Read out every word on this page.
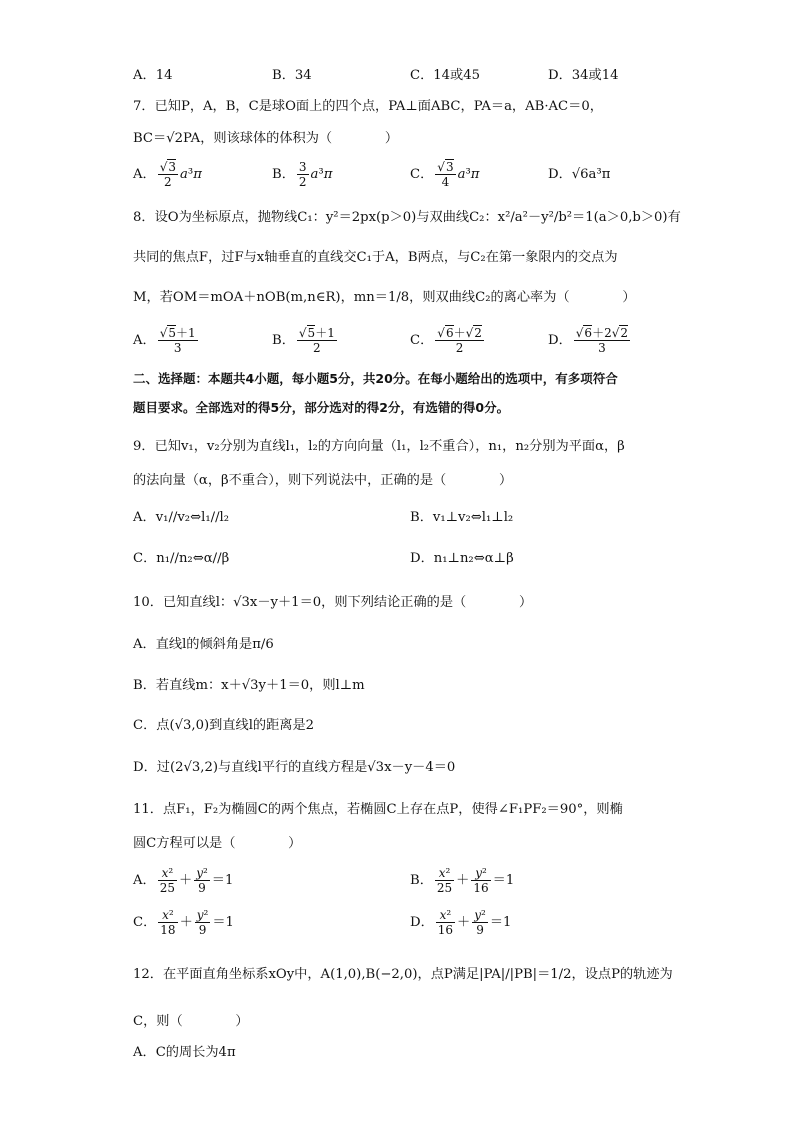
A．14	B．34	C．14或45	D．34或14
7．已知P，A，B，C是球O面上的四个点，PA⊥面ABC，PA＝a，AB·AC＝0，
BC＝√2PA，则该球体的体积为（　　　　）
A． $\frac{√3}{2} a^3\pi$	B． $\frac{3}{2} a^3\pi$	C． $\frac{√3}{4} a^3\pi$	D．√6a³π
8．设O为坐标原点，抛物线C₁：y²＝2px(p＞0)与双曲线C₂：x²/a²－y²/b²＝1(a＞0,b＞0)有
共同的焦点F，过F与x轴垂直的直线交C₁于A，B两点，与C₂在第一象限内的交点为
M，若OM＝mOA＋nOB(m,n∈R)，mn＝1/8，则双曲线C₂的离心率为（　　　　）
A． $\frac{√5+1}{3}$	B． $\frac{√5+1}{2}$	C． $\frac{√6+√2}{2}$	D． $\frac{√6+2√2}{3}$
二、选择题：本题共4小题，每小题5分，共20分。在每小题给出的选项中，有多项符合
题目要求。全部选对的得5分，部分选对的得2分，有选错的得0分。
9．已知v₁，v₂分别为直线l₁，l₂的方向向量（l₁，l₂不重合），n₁，n₂分别为平面α，β
的法向量（α，β不重合），则下列说法中，正确的是（　　　　）
A．v₁//v₂⇔l₁//l₂	B．v₁⊥v₂⇔l₁⊥l₂
C．n₁//n₂⇔α//β	D．n₁⊥n₂⇔α⊥β
10．已知直线l：√3x－y＋1＝0，则下列结论正确的是（　　　　）
A．直线l的倾斜角是π/6
B．若直线m：x＋√3y＋1＝0，则l⊥m
C．点(√3,0)到直线l的距离是2
D．过(2√3,2)与直线l平行的直线方程是√3x－y－4＝0
11．点F₁，F₂为椭圆C的两个焦点，若椭圆C上存在点P，使得∠F₁PF₂＝90°，则椭
圆C方程可以是（　　　　）
A． $\frac{\text{x²}}{25} + \frac{\text{y²}}{9} =1$	B． $\frac{\text{x²}}{25} + \frac{\text{y²}}{16} =1$
C． $\frac{\text{x²}}{18} + \frac{\text{y²}}{9} =1$	D． $\frac{\text{x²}}{16} + \frac{\text{y²}}{9} =1$
12．在平面直角坐标系xOy中，A(1,0),B(−2,0)，点P满足|PA|/|PB|＝1/2，设点P的轨迹为
C，则（　　　　）
A．C的周长为4π
